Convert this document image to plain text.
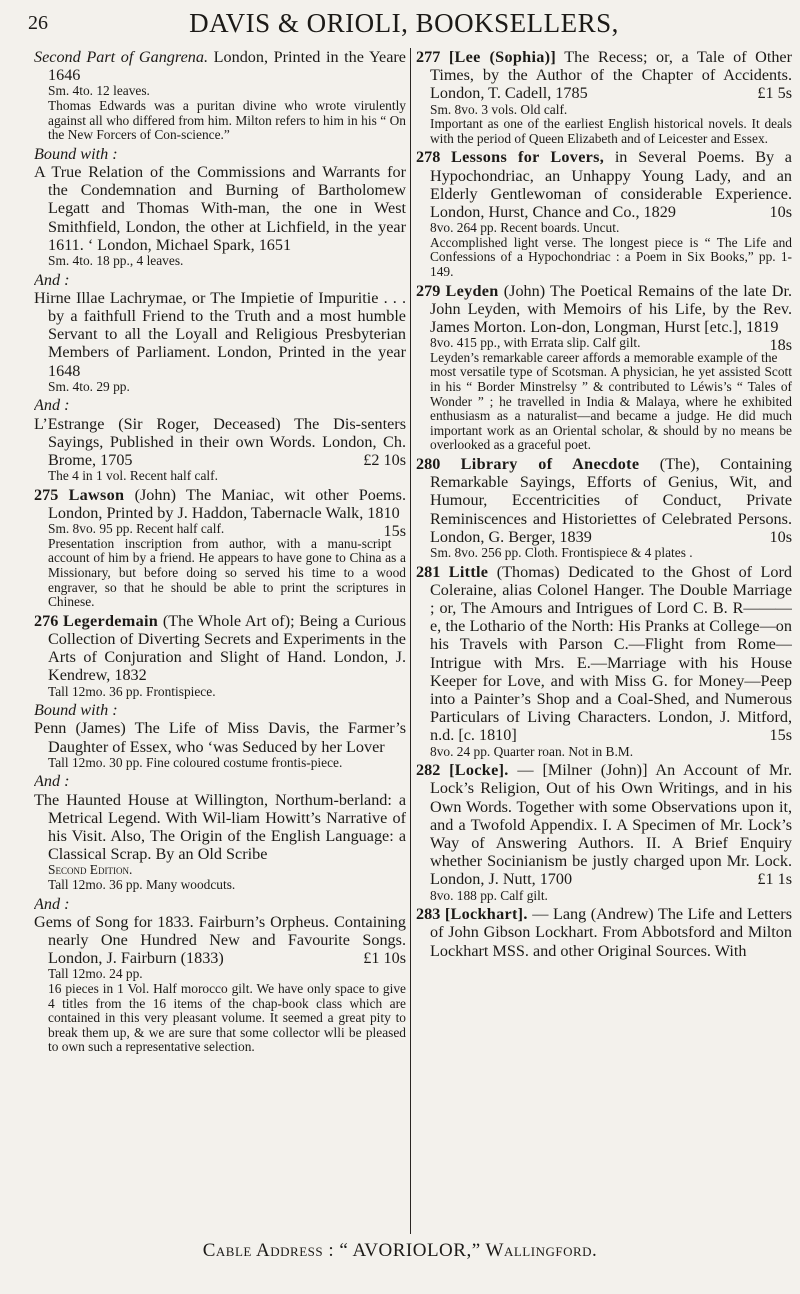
26	DAVIS & ORIOLI, BOOKSELLERS,
Second Part of Gangrena. London, Printed in the Yeare 1646
Sm. 4to. 12 leaves.
Thomas Edwards was a puritan divine who wrote virulently against all who differed from him. Milton refers to him in his “ On the New Forcers of Con-science.”
Bound with :
A True Relation of the Commissions and Warrants for the Condemnation and Burning of Bartholomew Legatt and Thomas With-man, the one in West Smithfield, London, the other at Lichfield, in the year 1611. ‘ London, Michael Spark, 1651
Sm. 4to. 18 pp., 4 leaves.
And :
Hirne Illae Lachrymae, or The Impietie of Impuritie . . . by a faithfull Friend to the Truth and a most humble Servant to all the Loyall and Religious Presbyterian Members of Parliament. London, Printed in the year 1648
Sm. 4to. 29 pp.
And :
L’Estrange (Sir Roger, Deceased) The Dis-senters Sayings, Published in their own Words. London, Ch. Brome, 1705	£2 10s
The 4 in 1 vol. Recent half calf.
275 Lawson (John) The Maniac, wit other Poems. London, Printed by J. Haddon, Tabernacle Walk, 1810
15s
Sm. 8vo. 95 pp. Recent half calf.
Presentation inscription from author, with a manu-script account of him by a friend. He appears to have gone to China as a Missionary, but before doing so served his time to a wood engraver, so that he should be able to print the scriptures in Chinese.
276 Legerdemain (The Whole Art of); Being a Curious Collection of Diverting Secrets and Experiments in the Arts of Conjuration and Slight of Hand. London, J. Kendrew, 1832
Tall 12mo. 36 pp. Frontispiece.
Bound with :
Penn (James) The Life of Miss Davis, the Farmer’s Daughter of Essex, who ‘was Seduced by her Lover
Tall 12mo. 30 pp. Fine coloured costume frontis-piece.
And :
The Haunted House at Willington, Northum-berland: a Metrical Legend. With Wil-liam Howitt’s Narrative of his Visit. Also, The Origin of the English Language: a Classical Scrap. By an Old Scribe
Second Edition.
Tall 12mo. 36 pp. Many woodcuts.
And :
Gems of Song for 1833. Fairburn’s Orpheus. Containing nearly One Hundred New and Favourite Songs. London, J. Fairburn (1833)	£1 10s
Tall 12mo. 24 pp.
16 pieces in 1 Vol. Half morocco gilt. We have only space to give 4 titles from the 16 items of the chap-book class which are contained in this very pleasant volume. It seemed a great pity to break them up, & we are sure that some collector wlli be pleased to own such a representative selection.
277 [Lee (Sophia)] The Recess; or, a Tale of Other Times, by the Author of the Chapter of Accidents. London, T. Cadell, 1785	£1 5s
Sm. 8vo. 3 vols. Old calf.
Important as one of the earliest English historical novels. It deals with the period of Queen Elizabeth and of Leicester and Essex.
278 Lessons for Lovers, in Several Poems. By a Hypochondriac, an Unhappy Young Lady, and an Elderly Gentlewoman of considerable Experience. London, Hurst, Chance and Co., 1829	10s
8vo. 264 pp. Recent boards. Uncut.
Accomplished light verse. The longest piece is “ The Life and Confessions of a Hypochondriac : a Poem in Six Books,” pp. 1-149.
279 Leyden (John) The Poetical Remains of the late Dr. John Leyden, with Memoirs of his Life, by the Rev. James Morton. Lon-don, Longman, Hurst [etc.], 1819
18s
8vo. 415 pp., with Errata slip. Calf gilt.
Leyden’s remarkable career affords a memorable example of the most versatile type of Scotsman. A physician, he yet assisted Scott in his “ Border Minstrelsy ” & contributed to Léwis’s “ Tales of Wonder ” ; he travelled in India & Malaya, where he exhibited enthusiasm as a naturalist—and became a judge. He did much important work as an Oriental scholar, & should by no means be overlooked as a graceful poet.
280 Library of Anecdote (The), Containing Remarkable Sayings, Efforts of Genius, Wit, and Humour, Eccentricities of Conduct, Private Reminiscences and Historiettes of Celebrated Persons. London, G. Berger, 1839	10s
Sm. 8vo. 256 pp. Cloth. Frontispiece & 4 plates .
281 Little (Thomas) Dedicated to the Ghost of Lord Coleraine, alias Colonel Hanger. The Double Marriage ; or, The Amours and Intrigues of Lord C. B. R———e, the Lothario of the North: His Pranks at College—on his Travels with Parson C.—Flight from Rome—Intrigue with Mrs. E.—Marriage with his House Keeper for Love, and with Miss G. for Money—Peep into a Painter’s Shop and a Coal-Shed, and Numerous Particulars of Living Characters. London, J. Mitford, n.d. [c. 1810]	15s
8vo. 24 pp. Quarter roan. Not in B.M.
282 [Locke]. — [Milner (John)] An Account of Mr. Lock’s Religion, Out of his Own Writings, and in his Own Words. Together with some Observations upon it, and a Twofold Appendix. I. A Specimen of Mr. Lock’s Way of Answering Authors. II. A Brief Enquiry whether Socinianism be justly charged upon Mr. Lock. London, J. Nutt, 1700	£1 1s
8vo. 188 pp. Calf gilt.
283 [Lockhart]. — Lang (Andrew) The Life and Letters of John Gibson Lockhart. From Abbotsford and Milton Lockhart MSS. and other Original Sources. With
Cable Address : “ AVORIOLOR,” Wallingford.
